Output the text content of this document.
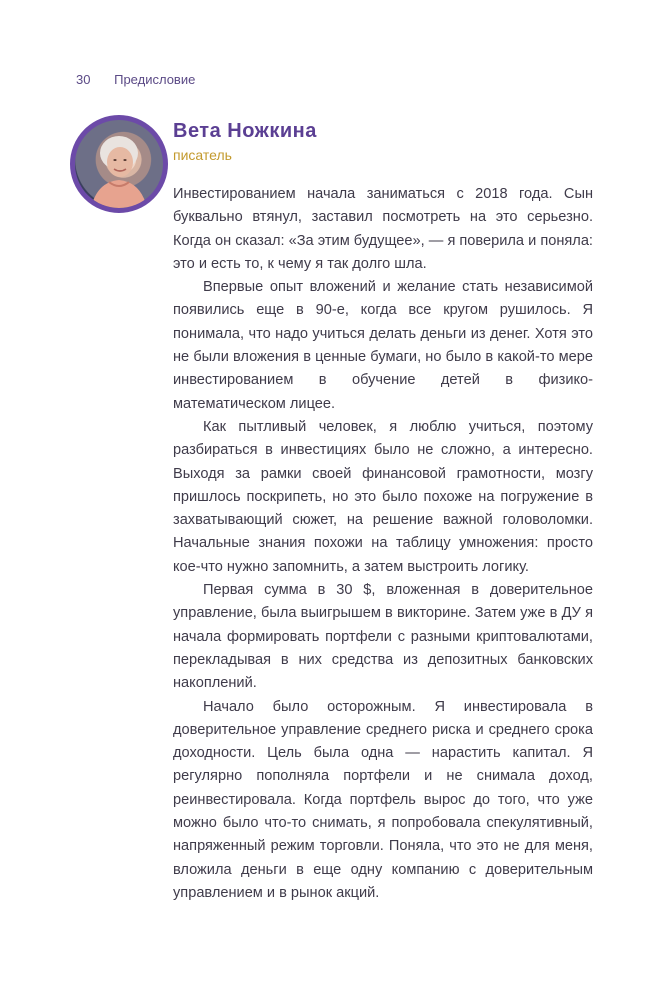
30 Предисловие
Вета Ножкина
писатель

Инвестированием начала заниматься с 2018 года. Сын буквально втянул, заставил посмотреть на это серьезно. Когда он сказал: «За этим будущее», — я поверила и поняла: это и есть то, к чему я так долго шла.

Впервые опыт вложений и желание стать независимой появились еще в 90-е, когда все кругом рушилось. Я понимала, что надо учиться делать деньги из денег. Хотя это не были вложения в ценные бумаги, но было в какой-то мере инвестированием в обучение детей в физико-математическом лицее.

Как пытливый человек, я люблю учиться, поэтому разбираться в инвестициях было не сложно, а интересно. Выходя за рамки своей финансовой грамотности, мозгу пришлось поскрипеть, но это было похоже на погружение в захватывающий сюжет, на решение важной головоломки. Начальные знания похожи на таблицу умножения: просто кое-что нужно запомнить, а затем выстроить логику.

Первая сумма в 30 $, вложенная в доверительное управление, была выигрышем в викторине. Затем уже в ДУ я начала формировать портфели с разными криптовалютами, перекладывая в них средства из депозитных банковских накоплений.

Начало было осторожным. Я инвестировала в доверительное управление среднего риска и среднего срока доходности. Цель была одна — нарастить капитал. Я регулярно пополняла портфели и не снимала доход, реинвестировала. Когда портфель вырос до того, что уже можно было что-то снимать, я попробовала спекулятивный, напряженный режим торговли. Поняла, что это не для меня, вложила деньги в еще одну компанию с доверительным управлением и в рынок акций.
